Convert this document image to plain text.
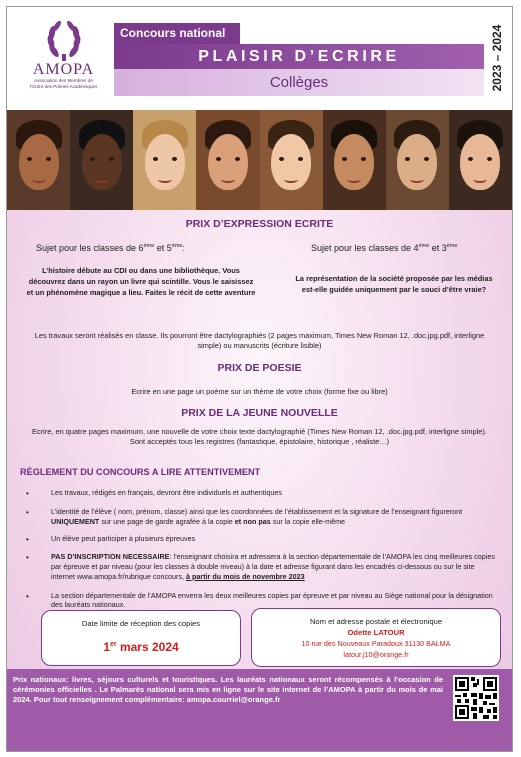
AMOPA
Association des Membres de
l'Ordre des Palmes Académiques
Concours national
PLAISIR D’ECRIRE
Collèges	2023 – 2024
PRIX D’EXPRESSION ECRITE
Sujet pour les classes de 6ème et 5ème:	Sujet pour les classes de 4ème et 3ème
L’histoire débute au CDI ou dans une bibliothèque. Vous découvrez dans un rayon un livre qui scintille. Vous le saisissez et un phénomène magique a lieu. Faites le récit de cette aventure
La représentation de la société proposée par les médias est-elle guidée uniquement par le souci d’être vraie?
Les travaux seront réalisés en classe. Ils pourront être dactylographiés (2 pages maximum, Times New Roman 12, .doc.jpg.pdf, interligne simple) ou manuscrits (écriture lisible)
PRIX DE POESIE
Ecrire en une page un poème sur un thème de votre choix (forme fixe ou libre)
PRIX DE LA JEUNE NOUVELLE
Ecrire, en quatre pages maximum, une nouvelle de votre choix texte dactylographié (Times New Roman 12, .doc.jpg.pdf, interligne simple). Sont acceptés tous les registres (fantastique, épistolaire, historique , réaliste…)
RÈGLEMENT DU CONCOURS A LIRE ATTENTIVEMENT
•	Les travaux, rédigés en français, devront être individuels et authentiques
•	L’identité de l’élève ( nom, prénom, classe) ainsi que les coordonnées de l’établissement et la signature de l’enseignant figureront UNIQUEMENT sur une page de garde agrafée à la copie et non pas sur la copie elle-même
•	Un élève peut participer à plusieurs épreuves
•	PAS D’INSCRIPTION NECESSAIRE: l’enseignant choisira et adressera à la section départementale de l’AMOPA les cinq meilleures copies par épreuve et par niveau (pour les classes à double niveau) à la date et adresse figurant dans les encadrés ci-dessous ou sur le site internet www.amopa.fr/rubrique concours, à partir du mois de novembre 2023
•	La section départementale de l’AMOPA enverra les deux meilleures copies par épreuve et par niveau au Siège national pour la désignation des lauréats nationaux.
Date limite de réception des copies
1er mars 2024
Nom et adresse postale et électronique
Odette LATOUR
10 rue des Nouveaux Paradoux 31130 BALMA
latour.j10@orange.fr
Prix nationaux: livres, séjours culturels et touristiques. Les lauréats nationaux seront récompensés à l’occasion de cérémonies officielles . Le Palmarès national sera mis en ligne sur le site internet de l’AMOPA à partir du mois de mai 2024. Pour tout renseignement complémentaire: amopa.courriel@orange.fr
